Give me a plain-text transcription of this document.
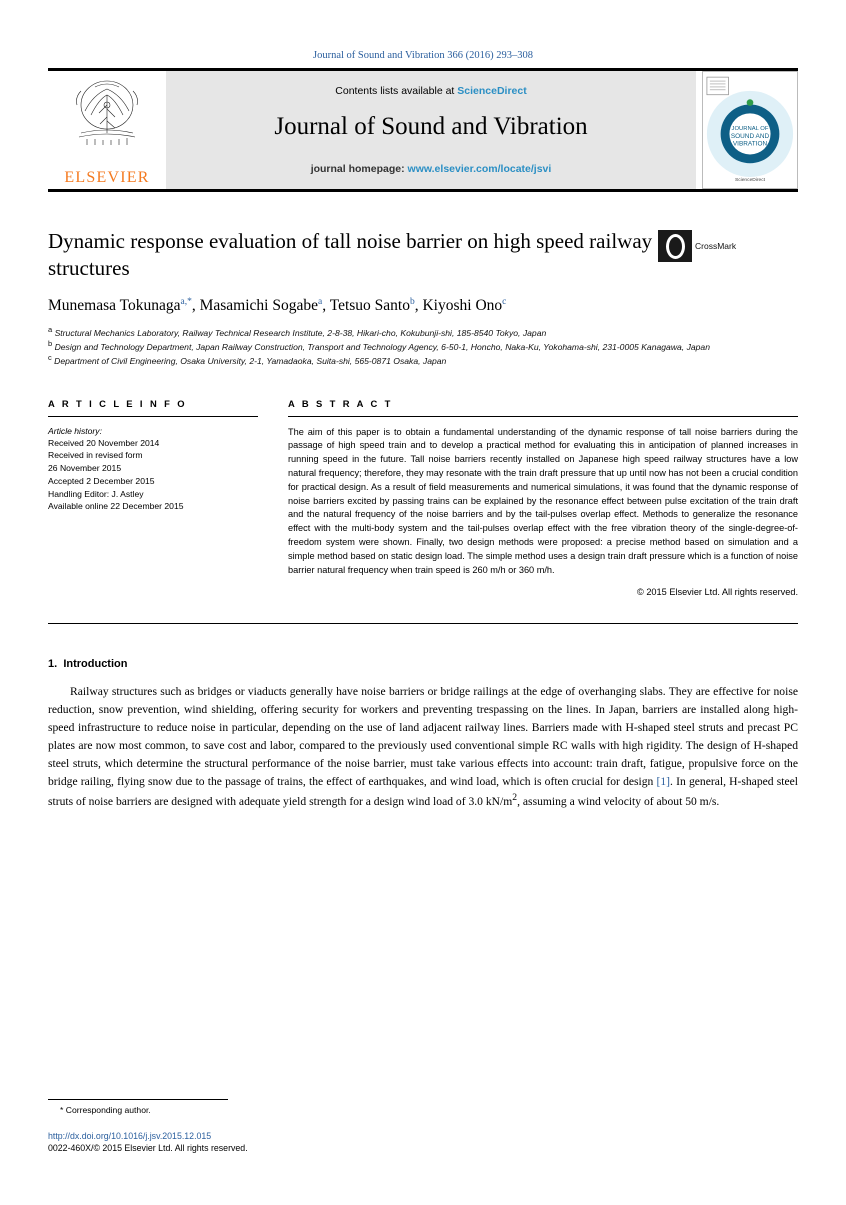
Journal of Sound and Vibration 366 (2016) 293–308
ELSEVIER
Contents lists available at ScienceDirect
Journal of Sound and Vibration
journal homepage: www.elsevier.com/locate/jsvi
JOURNAL OF
SOUND AND
VIBRATION
ScienceDirect
Dynamic response evaluation of tall noise barrier on high speed railway structures
CrossMark
Munemasa Tokunaga$^{a,*}$, Masamichi Sogabe$^a$, Tetsuo Santo$^b$, Kiyoshi Ono$^c$
$^a$ Structural Mechanics Laboratory, Railway Technical Research Institute, 2-8-38, Hikari-cho, Kokubunji-shi, 185-8540 Tokyo, Japan
$^b$ Design and Technology Department, Japan Railway Construction, Transport and Technology Agency, 6-50-1, Honcho, Naka-Ku, Yokohama-shi, 231-0005 Kanagawa, Japan
$^c$ Department of Civil Engineering, Osaka University, 2-1, Yamadaoka, Suita-shi, 565-0871 Osaka, Japan
A R T I C L E I N F O
Article history:
Received 20 November 2014
Received in revised form
26 November 2015
Accepted 2 December 2015
Handling Editor: J. Astley
Available online 22 December 2015
A B S T R A C T
The aim of this paper is to obtain a fundamental understanding of the dynamic response of tall noise barriers during the passage of high speed train and to develop a practical method for evaluating this in anticipation of planned increases in running speed in the future. Tall noise barriers recently installed on Japanese high speed railway structures have a low natural frequency; therefore, they may resonate with the train draft pressure that up until now has not been a crucial condition for practical design. As a result of field measurements and numerical simulations, it was found that the dynamic response of noise barriers excited by passing trains can be explained by the resonance effect between pulse excitation of the train draft and the natural frequency of the noise barriers and by the tail-pulses overlap effect. Methods to generalize the resonance effect with the multi-body system and the tail-pulses overlap effect with the free vibration theory of the single-degree-of-freedom system were shown. Finally, two design methods were proposed: a precise method based on simulation and a simple method based on static design load. The simple method uses a design train draft pressure which is a function of noise barrier natural frequency when train speed is 260 m/h or 360 m/h.
© 2015 Elsevier Ltd. All rights reserved.
1. Introduction

Railway structures such as bridges or viaducts generally have noise barriers or bridge railings at the edge of overhanging slabs. They are effective for noise reduction, snow prevention, wind shielding, offering security for workers and preventing trespassing on the lines. In Japan, barriers are installed along high-speed infrastructure to reduce noise in particular, depending on the use of land adjacent railway lines. Barriers made with H-shaped steel struts and precast PC plates are now most common, to save cost and labor, compared to the previously used conventional simple RC walls with high rigidity. The design of H-shaped steel struts, which determine the structural performance of the noise barrier, must take various effects into account: train draft, fatigue, propulsive force on the bridge railing, flying snow due to the passage of trains, the effect of earthquakes, and wind load, which is often crucial for design [1]. In general, H-shaped steel struts of noise barriers are designed with adequate yield strength for a design wind load of 3.0 $kN/m^2$, assuming a wind velocity of about 50 m/s.

* Corresponding author.
http://dx.doi.org/10.1016/j.jsv.2015.12.015
0022-460X/© 2015 Elsevier Ltd. All rights reserved.
